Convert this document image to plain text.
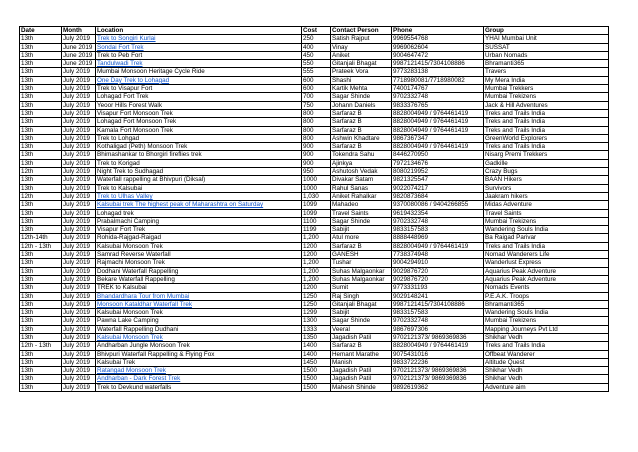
Date	Month	Location	Cost	Contact Person	Phone	Group
13th	July 2019	Trek to Songiri Kurlai	250	Satish Rajput	9969554768	YHAI Mumbai Unit
13th	June 2019	Sondai Fort Trek	400	Vinay	9969062604	SUSSAT
13th	June 2019	Trek to Peb Fort	450	Aniket	9004647472	Urban Nomads
13th	June 2019	Tandulwadi Trek	550	Gitanjali Bhagat	9987121415/7304108886	Bhramanti365
13th	July 2019	Mumbai Monsoon Heritage Cycle Ride	555	Prateek Vora	9773283138	Travers
13th	July 2019	One Day Trek to Lohagad	600	Shashi	7718980081/7718980082	My Mera India
13th	July 2019	Trek to Visapur Fort	600	Kartik Mehta	7400174767	Mumbai Trekkers
13th	July 2019	Lohagad Fort Trek	700	Sagar Shinde	9702332748	Mumbai Trekizens
13th	July 2019	Yeoor Hills Forest Walk	750	Johann Daniels	9833376765	Jack & Hill Adventures
13th	July 2019	Visapur Fort Monsoon Trek	800	Sarfaraz B	8828004949 / 9764461419	Treks and Trails India
13th	July 2019	Lohagad Fort Monsoon Trek	800	Sarfaraz B	8828004949 / 9764461419	Treks and Trails India
13th	July 2019	Kamala Fort Monsoon Trek	800	Sarfaraz B	8828004949 / 9764461419	Treks and Trails India
13th	July 2019	Trek to Lohgad	800	Ashwin Khadtare	9867367347	GreenWorld Explorers
13th	July 2019	Kothaligad (Peth) Monsoon Trek	900	Sarfaraz B	8828004949 / 9764461419	Treks and Trails India
13th	July 2019	Bhimashankar to Bhorgiri fireflies trek	900	Tokendra Sahu	8446270950	Nisarg Premi Trekkers
13th	July 2019	Trek to Korigad	900	Ajinkya	7972134676	Gadkille
12th	July 2019	Night Trek to Sudhagad	950	Ashutosh Vedak	8080219952	Crazy Bugs
13th	July 2019	Waterfall rappelling at Bhivpuri (Diksal)	1000	Divakar Satam	9821325547	BAAN Hikers
13th	July 2019	Trek to Kalsubai	1000	Rahul Sanas	9022074217	Survivors
12th	July 2019	Trek to Ulhas Valley	1,030	Aniket Rahalkar	9820873684	Jaakram hikers
13th	July 2019	Kalsubai trek The highest peak of Maharashtra on Saturday	1099	Mahadeo	9370080086 / 9404266855	Midas Adventure
13th	July 2019	Lohagad trek	1099	Travel Saints	9619432354	Travel Saints
13th	July 2019	Prabalmachi Camping	1100	Sagar Shinde	9702332748	Mumbai Trekizens
13th	July 2019	Visapur Fort Trek	1199	Sabijit	9833157583	Wandering Souls India
12th-14th	July 2019	Rohida-Rajgad-Raigad	1,200	Atul more	8888448969	Ba Raigad Parivar
12th - 13th	July 2019	Kalsubai Monsoon Trek	1200	Sarfaraz B	8828004949 / 9764461419	Treks and Trails India
13th	July 2019	Samrad Reverse Waterfall	1200	GANESH	7738374948	Nomad Wanderers Life
13th	July 2019	Rajmachi Monsoon Trek	1,200	Tushar	9004294910	Wanderlust Express
13th	July 2019	Dodhani Waterfall Rappelling	1,200	Suhas Malgaonkar	9029876720	Aquarius Peak Adventure
13th	July 2019	Bekare Waterfall Rappelling	1,200	Suhas Malgaonkar	9029876720	Aquarius Peak Adventure
13th	July 2019	TREK to Kalsubai	1200	Sumit	9773331193	Nomads Events
13th	July 2019	Bhandardhara Tour from Mumbai	1250	Raj Singh	9029148241	P.E.A.K. Troops
13th	July 2019	Monsoon Kataldhar Waterfall Trek	1250	Gitanjali Bhagat	9987121415/7304108886	Bhramanti365
13th	July 2019	Kalsubai Monsoon Trek	1299	Sabijit	9833157583	Wandering Souls India
13th	July 2019	Pawna Lake Camping	1300	Sagar Shinde	9702332748	Mumbai Trekizens
13th	July 2019	Waterfall Rappelling Dudhani	1333	Veeral	9867697306	Mapping Journeys Pvt Ltd
13th	July 2019	Kalsubai Monsoon Trek	1350	Jagadish Patil	9702121373/ 9869369836	Shikhar Vedh
12th - 13th	July 2019	Andharban Jungle Monsoon Trek	1400	Sarfaraz B	8828004949 / 9764461419	Treks and Trails India
13th	July 2019	Bhivpuri Waterfall Rappelling & Flying Fox	1400	Hemant Marathe	9075431016	Offbeat Wanderer
13th	July 2019	Kalsubai Trek	1450	Manish	9833722236	Altitude Quest
13th	July 2019	Ratangad Monsoon Trek	1500	Jagadish Patil	9702121373/ 9869369836	Shikhar Vedh
13th	July 2019	Andharban - Dark Forest Trek	1500	Jagadish Patil	9702121373/ 9869369836	Shikhar Vedh
13th	July 2019	Trek to Devkund waterfalls	1500	Mahesh Shinde	9892619362	Adventure aim
